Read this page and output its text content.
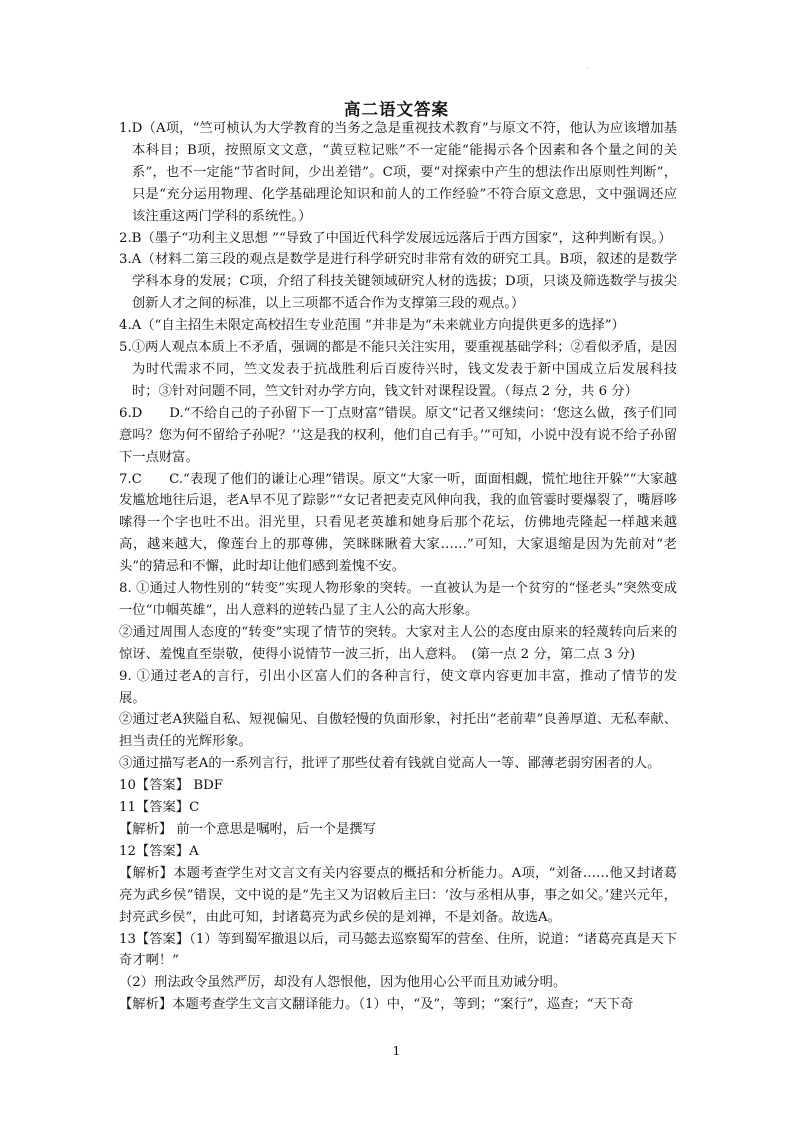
·
高二语文答案

1.D（A项，“竺可桢认为大学教育的当务之急是重视技术教育”与原文不符，他认为应该增加基本科目；B项，按照原文文意，“黄豆粒记账”不一定能“能揭示各个因素和各个量之间的关系”，也不一定能“节省时间，少出差错”。C项，要“对探索中产生的想法作出原则性判断”，只是“充分运用物理、化学基础理论知识和前人的工作经验”不符合原文意思，文中强调还应该注重这两门学科的系统性。）

2.B（墨子“功利主义思想 ”“导致了中国近代科学发展远远落后于西方国家”，这种判断有误。）

3.A（材料二第三段的观点是数学是进行科学研究时非常有效的研究工具。B项，叙述的是数学学科本身的发展；C项，介绍了科技关键领域研究人材的选拔；D项，只谈及筛选数学与拔尖创新人才之间的标准，以上三项都不适合作为支撑第三段的观点。）

4.A（“自主招生未限定高校招生专业范围 ”并非是为“未来就业方向提供更多的选择”）

5.①两人观点本质上不矛盾，强调的都是不能只关注实用，要重视基础学科；②看似矛盾，是因为时代需求不同，竺文发表于抗战胜利后百废待兴时，钱文发表于新中国成立后发展科技时；③针对问题不同，竺文针对办学方向，钱文针对课程设置。（每点 2 分，共 6 分）

6.D　　D.“不给自己的子孙留下一丁点财富”错误。原文“记者又继续问：‘您这么做，孩子们同意吗？您为何不留给子孙呢？’‘这是我的权利，他们自己有手。’”可知，小说中没有说不给子孙留下一点财富。

7.C　　C.“表现了他们的谦让心理”错误。原文“大家一听，面面相觑，慌忙地往开躲”“大家越发尴尬地往后退，老A早不见了踪影”“女记者把麦克风伸向我，我的血管霎时要爆裂了，嘴唇哆嗦得一个字也吐不出。泪光里，只看见老英雄和她身后那个花坛，仿佛地壳隆起一样越来越高，越来越大，像莲台上的那尊佛，笑眯眯瞅着大家……”可知，大家退缩是因为先前对“老头”的猜忌和不懈，此时却让他们感到羞愧不安。

8. ①通过人物性别的“转变”实现人物形象的突转。一直被认为是一个贫穷的“怪老头”突然变成一位“巾帼英雄”，出人意料的逆转凸显了主人公的高大形象。

②通过周围人态度的“转变”实现了情节的突转。大家对主人公的态度由原来的轻蔑转向后来的惊讶、羞愧直至崇敬，使得小说情节一波三折，出人意料。　(第一点 2 分，第二点 3 分)

9. ①通过老A的言行，引出小区富人们的各种言行，使文章内容更加丰富，推动了情节的发展。

②通过老A狭隘自私、短视偏见、自傲轻慢的负面形象，衬托出“老前辈”良善厚道、无私奉献、担当责任的光辉形象。

③通过描写老A的一系列言行，批评了那些仗着有钱就自觉高人一等、鄙薄老弱穷困者的人。

10【答案】 BDF

11【答案】C

【解析】 前一个意思是嘱咐，后一个是撰写

12【答案】A

【解析】本题考查学生对文言文有关内容要点的概括和分析能力。A项，“刘备……他又封诸葛亮为武乡侯”错误，文中说的是“先主又为诏敕后主曰：‘汝与丞相从事，事之如父。’建兴元年，封亮武乡侯”，由此可知，封诸葛亮为武乡侯的是刘禅，不是刘备。故选A。

13【答案】（1）等到蜀军撤退以后，司马懿去巡察蜀军的营垒、住所，说道：“诸葛亮真是天下奇才啊！”

（2）刑法政令虽然严厉，却没有人怨恨他，因为他用心公平而且劝诫分明。

【解析】本题考查学生文言文翻译能力。（1）中，“及”，等到；“案行”，巡查；“天下奇

1
